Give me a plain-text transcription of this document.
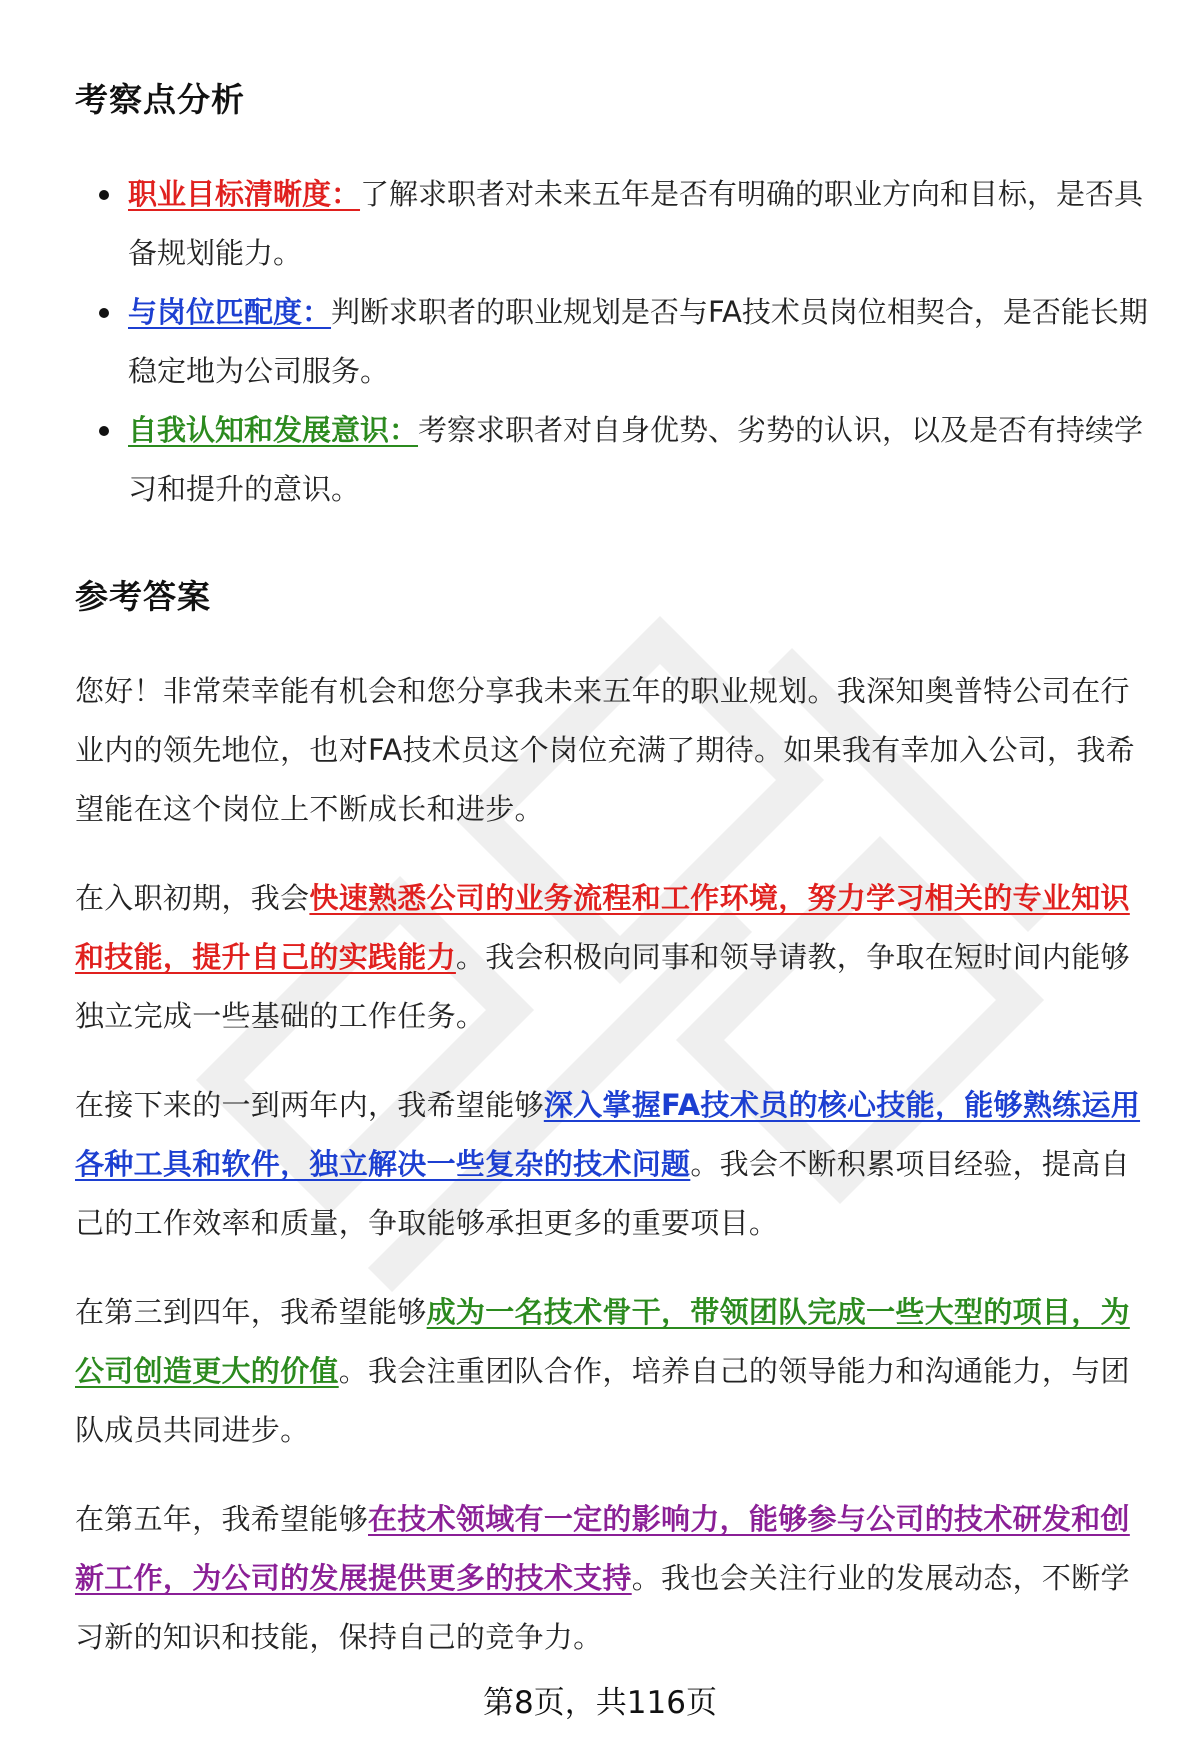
考察点分析
职业目标清晰度：了解求职者对未来五年是否有明确的职业方向和目标，是否具备规划能力。
与岗位匹配度：判断求职者的职业规划是否与FA技术员岗位相契合，是否能长期稳定地为公司服务。
自我认知和发展意识：考察求职者对自身优势、劣势的认识，以及是否有持续学习和提升的意识。
参考答案

您好！非常荣幸能有机会和您分享我未来五年的职业规划。我深知奥普特公司在行业内的领先地位，也对FA技术员这个岗位充满了期待。如果我有幸加入公司，我希望能在这个岗位上不断成长和进步。

在入职初期，我会快速熟悉公司的业务流程和工作环境，努力学习相关的专业知识和技能，提升自己的实践能力。我会积极向同事和领导请教，争取在短时间内能够独立完成一些基础的工作任务。

在接下来的一到两年内，我希望能够深入掌握FA技术员的核心技能，能够熟练运用各种工具和软件，独立解决一些复杂的技术问题。我会不断积累项目经验，提高自己的工作效率和质量，争取能够承担更多的重要项目。

在第三到四年，我希望能够成为一名技术骨干，带领团队完成一些大型的项目，为公司创造更大的价值。我会注重团队合作，培养自己的领导能力和沟通能力，与团队成员共同进步。

在第五年，我希望能够在技术领域有一定的影响力，能够参与公司的技术研发和创新工作，为公司的发展提供更多的技术支持。我也会关注行业的发展动态，不断学习新的知识和技能，保持自己的竞争力。

第8页，共116页
